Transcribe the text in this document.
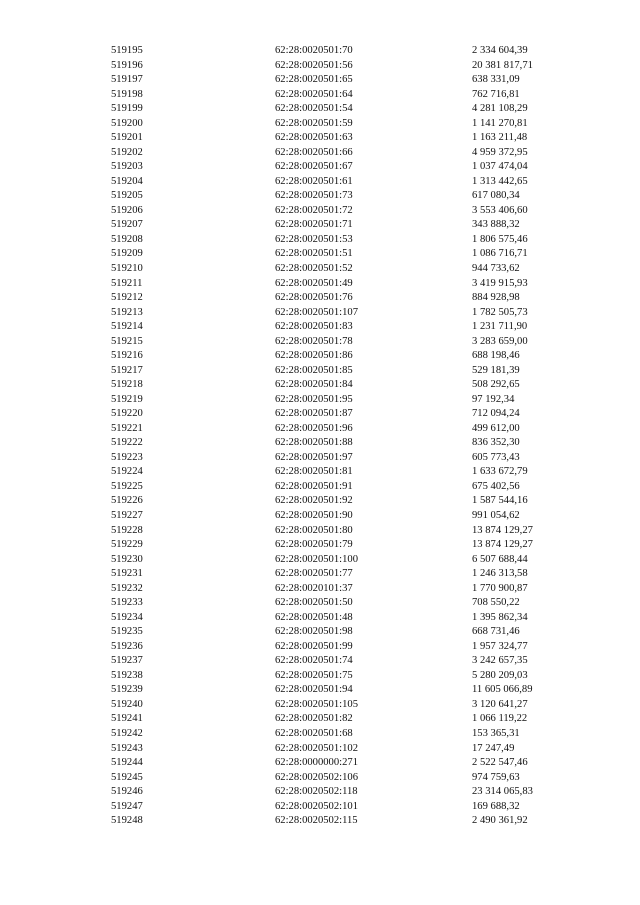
519195	62:28:0020501:70	2 334 604,39
519196	62:28:0020501:56	20 381 817,71
519197	62:28:0020501:65	638 331,09
519198	62:28:0020501:64	762 716,81
519199	62:28:0020501:54	4 281 108,29
519200	62:28:0020501:59	1 141 270,81
519201	62:28:0020501:63	1 163 211,48
519202	62:28:0020501:66	4 959 372,95
519203	62:28:0020501:67	1 037 474,04
519204	62:28:0020501:61	1 313 442,65
519205	62:28:0020501:73	617 080,34
519206	62:28:0020501:72	3 553 406,60
519207	62:28:0020501:71	343 888,32
519208	62:28:0020501:53	1 806 575,46
519209	62:28:0020501:51	1 086 716,71
519210	62:28:0020501:52	944 733,62
519211	62:28:0020501:49	3 419 915,93
519212	62:28:0020501:76	884 928,98
519213	62:28:0020501:107	1 782 505,73
519214	62:28:0020501:83	1 231 711,90
519215	62:28:0020501:78	3 283 659,00
519216	62:28:0020501:86	688 198,46
519217	62:28:0020501:85	529 181,39
519218	62:28:0020501:84	508 292,65
519219	62:28:0020501:95	97 192,34
519220	62:28:0020501:87	712 094,24
519221	62:28:0020501:96	499 612,00
519222	62:28:0020501:88	836 352,30
519223	62:28:0020501:97	605 773,43
519224	62:28:0020501:81	1 633 672,79
519225	62:28:0020501:91	675 402,56
519226	62:28:0020501:92	1 587 544,16
519227	62:28:0020501:90	991 054,62
519228	62:28:0020501:80	13 874 129,27
519229	62:28:0020501:79	13 874 129,27
519230	62:28:0020501:100	6 507 688,44
519231	62:28:0020501:77	1 246 313,58
519232	62:28:0020101:37	1 770 900,87
519233	62:28:0020501:50	708 550,22
519234	62:28:0020501:48	1 395 862,34
519235	62:28:0020501:98	668 731,46
519236	62:28:0020501:99	1 957 324,77
519237	62:28:0020501:74	3 242 657,35
519238	62:28:0020501:75	5 280 209,03
519239	62:28:0020501:94	11 605 066,89
519240	62:28:0020501:105	3 120 641,27
519241	62:28:0020501:82	1 066 119,22
519242	62:28:0020501:68	153 365,31
519243	62:28:0020501:102	17 247,49
519244	62:28:0000000:271	2 522 547,46
519245	62:28:0020502:106	974 759,63
519246	62:28:0020502:118	23 314 065,83
519247	62:28:0020502:101	169 688,32
519248	62:28:0020502:115	2 490 361,92
